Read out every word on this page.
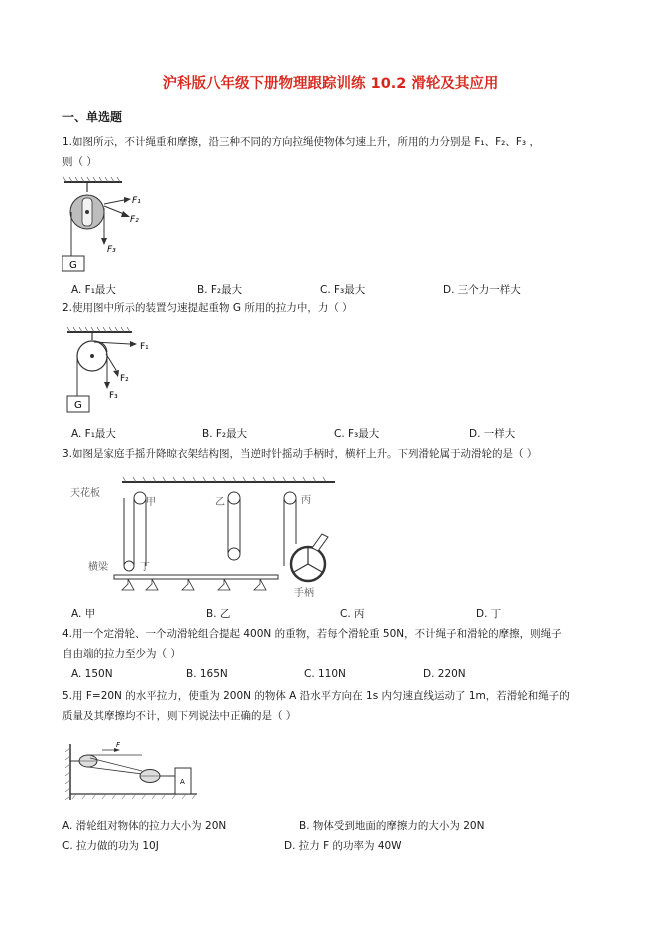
沪科版八年级下册物理跟踪训练 10.2 滑轮及其应用
一、单选题
1.如图所示，不计绳重和摩擦，沿三种不同的方向拉绳使物体匀速上升，所用的力分别是 F₁、F₂、F₃ ，
则（ ）
G
F₁
F₂
F₃
A. F₁最大	B. F₂最大	C. F₃最大	D. 三个力一样大
2.使用图中所示的装置匀速提起重物 G 所用的拉力中，力（ ）
G
F₁
F₂
F₃
A. F₁最大	B. F₂最大	C. F₃最大	D. 一样大
3.如图是家庭手摇升降晾衣架结构图，当逆时针摇动手柄时，横杆上升。下列滑轮属于动滑轮的是（ ）
天花板
甲	乙	丙
丁
横梁
手柄
A. 甲	B. 乙	C. 丙	D. 丁
4.用一个定滑轮、一个动滑轮组合提起 400N 的重物，若每个滑轮重 50N，不计绳子和滑轮的摩擦，则绳子
自由端的拉力至少为（ ）
A. 150N	B. 165N	C. 110N	D. 220N
5.用 F=20N 的水平拉力，使重为 200N 的物体 A 沿水平方向在 1s 内匀速直线运动了 1m，若滑轮和绳子的
质量及其摩擦均不计，则下列说法中正确的是（ ）
F
A
A. 滑轮组对物体的拉力大小为 20N	B. 物体受到地面的摩擦力的大小为 20N
C. 拉力做的功为 10J	D. 拉力 F 的功率为 40W
